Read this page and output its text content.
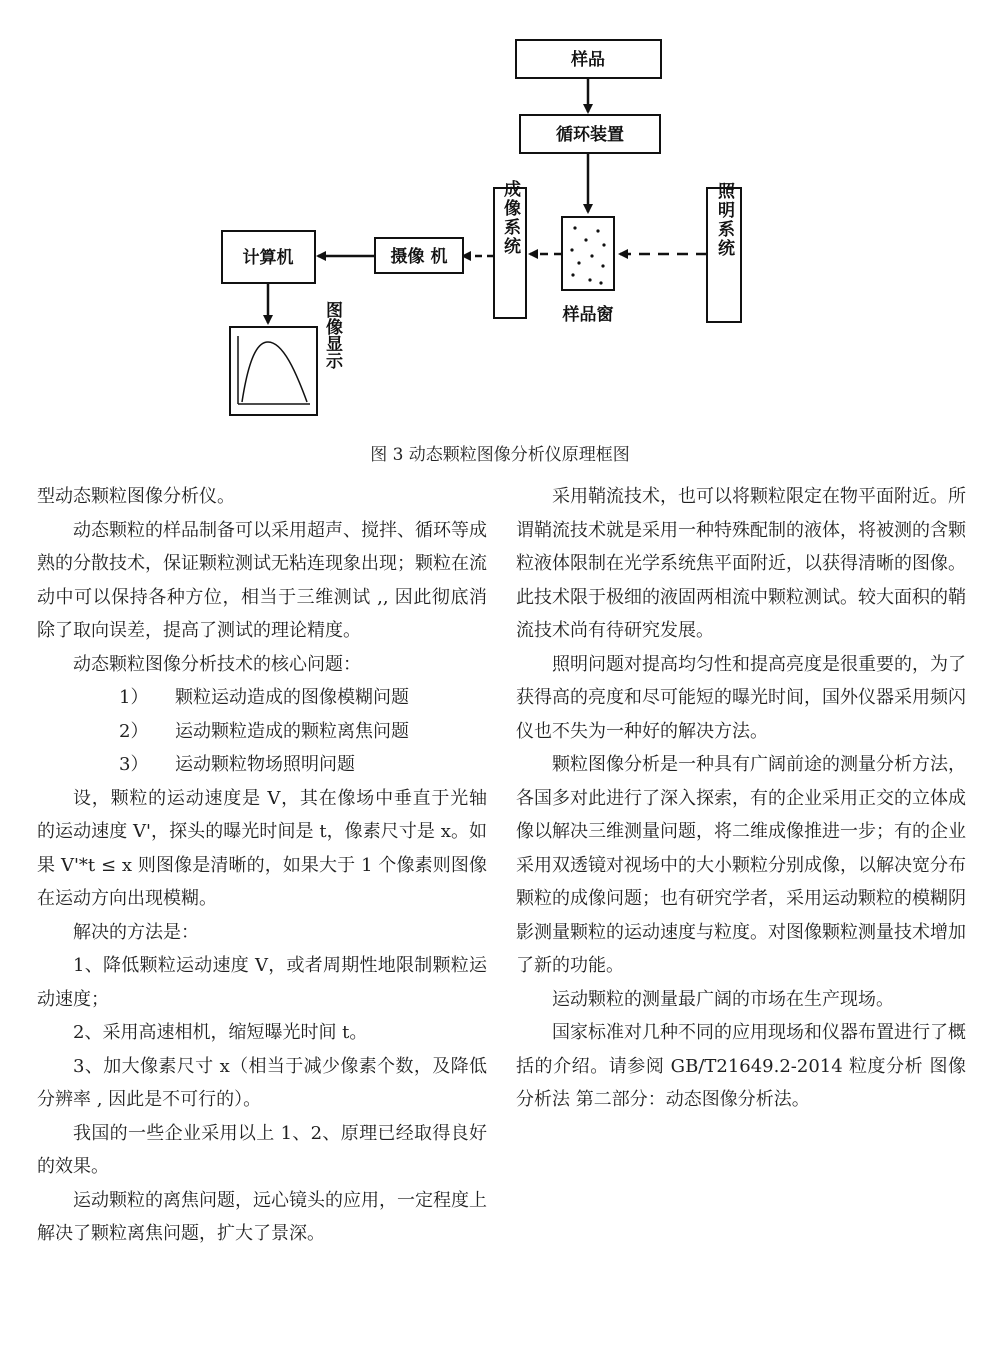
样品
循环装置
样品窗
照明系统
成像系统
摄像 机
计算机
图像显示
图 3 动态颗粒图像分析仪原理框图

型动态颗粒图像分析仪。

动态颗粒的样品制备可以采用超声、搅拌、循环等成熟的分散技术，保证颗粒测试无粘连现象出现；颗粒在流动中可以保持各种方位，相当于三维测试 ,, 因此彻底消除了取向误差，提高了测试的理论精度。

动态颗粒图像分析技术的核心问题：

1） 颗粒运动造成的图像模糊问题

2） 运动颗粒造成的颗粒离焦问题

3） 运动颗粒物场照明问题

设，颗粒的运动速度是 V，其在像场中垂直于光轴的运动速度 V'，探头的曝光时间是 t，像素尺寸是 x。如果 V'*t ≤ x 则图像是清晰的，如果大于 1 个像素则图像在运动方向出现模糊。

解决的方法是：

1、降低颗粒运动速度 V，或者周期性地限制颗粒运动速度；

2、采用高速相机，缩短曝光时间 t。

3、加大像素尺寸 x（相当于减少像素个数，及降低分辨率 , 因此是不可行的）。

我国的一些企业采用以上 1、2、原理已经取得良好的效果。

运动颗粒的离焦问题，远心镜头的应用，一定程度上解决了颗粒离焦问题，扩大了景深。

采用鞘流技术，也可以将颗粒限定在物平面附近。所谓鞘流技术就是采用一种特殊配制的液体，将被测的含颗粒液体限制在光学系统焦平面附近，以获得清晰的图像。此技术限于极细的液固两相流中颗粒测试。较大面积的鞘流技术尚有待研究发展。

照明问题对提高均匀性和提高亮度是很重要的，为了获得高的亮度和尽可能短的曝光时间，国外仪器采用频闪仪也不失为一种好的解决方法。

颗粒图像分析是一种具有广阔前途的测量分析方法，各国多对此进行了深入探索，有的企业采用正交的立体成像以解决三维测量问题，将二维成像推进一步；有的企业采用双透镜对视场中的大小颗粒分别成像，以解决宽分布颗粒的成像问题；也有研究学者，采用运动颗粒的模糊阴影测量颗粒的运动速度与粒度。对图像颗粒测量技术增加了新的功能。

运动颗粒的测量最广阔的市场在生产现场。

国家标准对几种不同的应用现场和仪器布置进行了概括的介绍。请参阅 GB/T21649.2-2014 粒度分析 图像分析法 第二部分：动态图像分析法。
